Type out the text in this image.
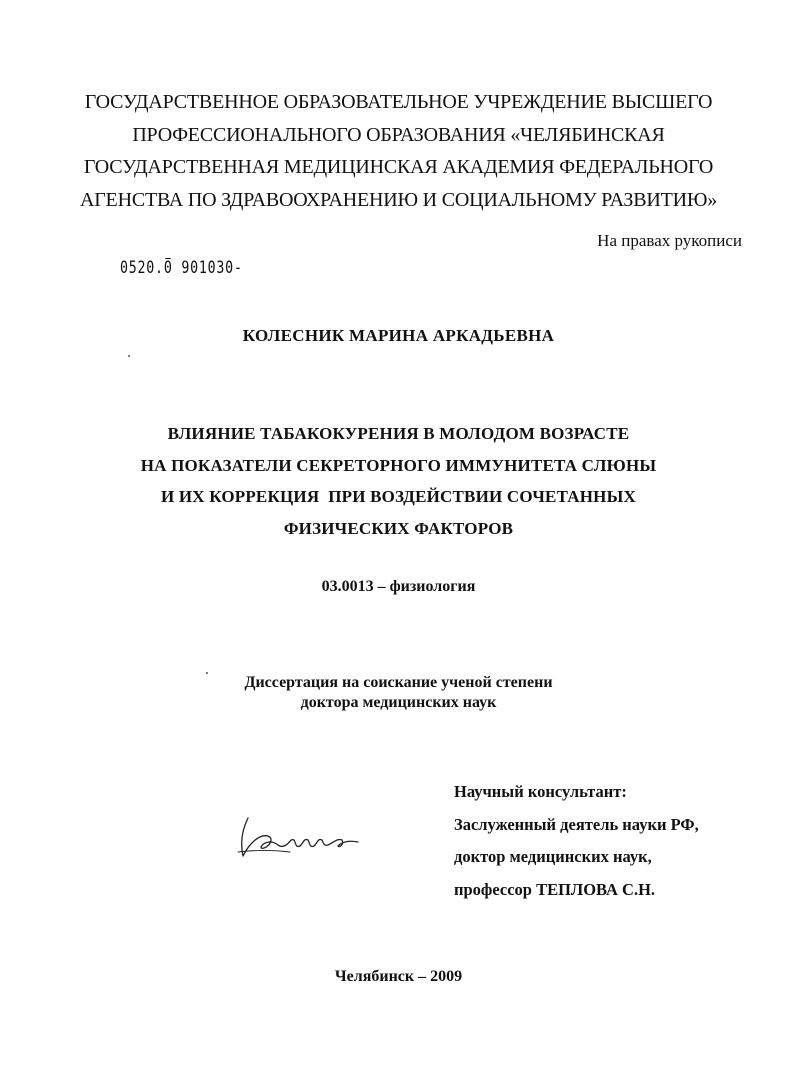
ГОСУДАРСТВЕННОЕ ОБРАЗОВАТЕЛЬНОЕ УЧРЕЖДЕНИЕ ВЫСШЕГО
ПРОФЕССИОНАЛЬНОГО ОБРАЗОВАНИЯ «ЧЕЛЯБИНСКАЯ
ГОСУДАРСТВЕННАЯ МЕДИЦИНСКАЯ АКАДЕМИЯ ФЕДЕРАЛЬНОГО
АГЕНСТВА ПО ЗДРАВООХРАНЕНИЮ И СОЦИАЛЬНОМУ РАЗВИТИЮ»
На правах рукописи
0520.0 901030-
КОЛЕСНИК МАРИНА АРКАДЬЕВНА
ВЛИЯНИЕ ТАБАКОКУРЕНИЯ В МОЛОДОМ ВОЗРАСТЕ
НА ПОКАЗАТЕЛИ СЕКРЕТОРНОГО ИММУНИТЕТА СЛЮНЫ
И ИХ КОРРЕКЦИЯ  ПРИ ВОЗДЕЙСТВИИ СОЧЕТАННЫХ
ФИЗИЧЕСКИХ ФАКТОРОВ
03.0013 – физиология
Диссертация на соискание ученой степени
доктора медицинских наук
Научный консультант:
Заслуженный деятель науки РФ,
доктор медицинских наук,
профессор ТЕПЛОВА С.Н.
Челябинск – 2009
